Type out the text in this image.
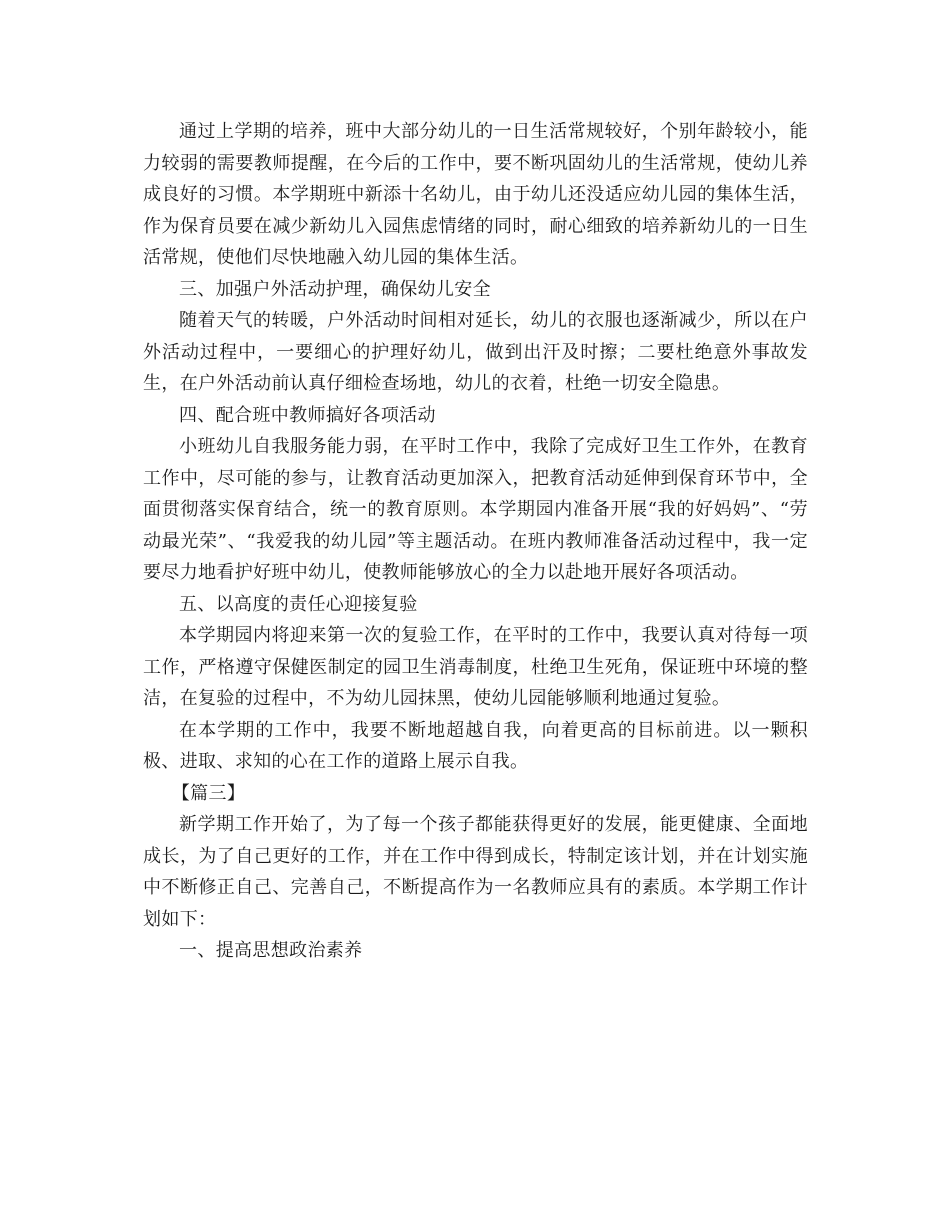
通过上学期的培养，班中大部分幼儿的一日生活常规较好，个别年龄较小，能力较弱的需要教师提醒，在今后的工作中，要不断巩固幼儿的生活常规，使幼儿养成良好的习惯。本学期班中新添十名幼儿，由于幼儿还没适应幼儿园的集体生活，作为保育员要在减少新幼儿入园焦虑情绪的同时，耐心细致的培养新幼儿的一日生活常规，使他们尽快地融入幼儿园的集体生活。

三、加强户外活动护理，确保幼儿安全

随着天气的转暖，户外活动时间相对延长，幼儿的衣服也逐渐减少，所以在户外活动过程中，一要细心的护理好幼儿，做到出汗及时擦；二要杜绝意外事故发生，在户外活动前认真仔细检查场地，幼儿的衣着，杜绝一切安全隐患。

四、配合班中教师搞好各项活动

小班幼儿自我服务能力弱，在平时工作中，我除了完成好卫生工作外，在教育工作中，尽可能的参与，让教育活动更加深入，把教育活动延伸到保育环节中，全面贯彻落实保育结合，统一的教育原则。本学期园内准备开展“我的好妈妈”、“劳动最光荣”、“我爱我的幼儿园”等主题活动。在班内教师准备活动过程中，我一定要尽力地看护好班中幼儿，使教师能够放心的全力以赴地开展好各项活动。

五、以高度的责任心迎接复验

本学期园内将迎来第一次的复验工作，在平时的工作中，我要认真对待每一项工作，严格遵守保健医制定的园卫生消毒制度，杜绝卫生死角，保证班中环境的整洁，在复验的过程中，不为幼儿园抹黑，使幼儿园能够顺利地通过复验。

在本学期的工作中，我要不断地超越自我，向着更高的目标前进。以一颗积极、进取、求知的心在工作的道路上展示自我。

【篇三】

新学期工作开始了，为了每一个孩子都能获得更好的发展，能更健康、全面地成长，为了自己更好的工作，并在工作中得到成长，特制定该计划，并在计划实施中不断修正自己、完善自己，不断提高作为一名教师应具有的素质。本学期工作计划如下：

一、提高思想政治素养
